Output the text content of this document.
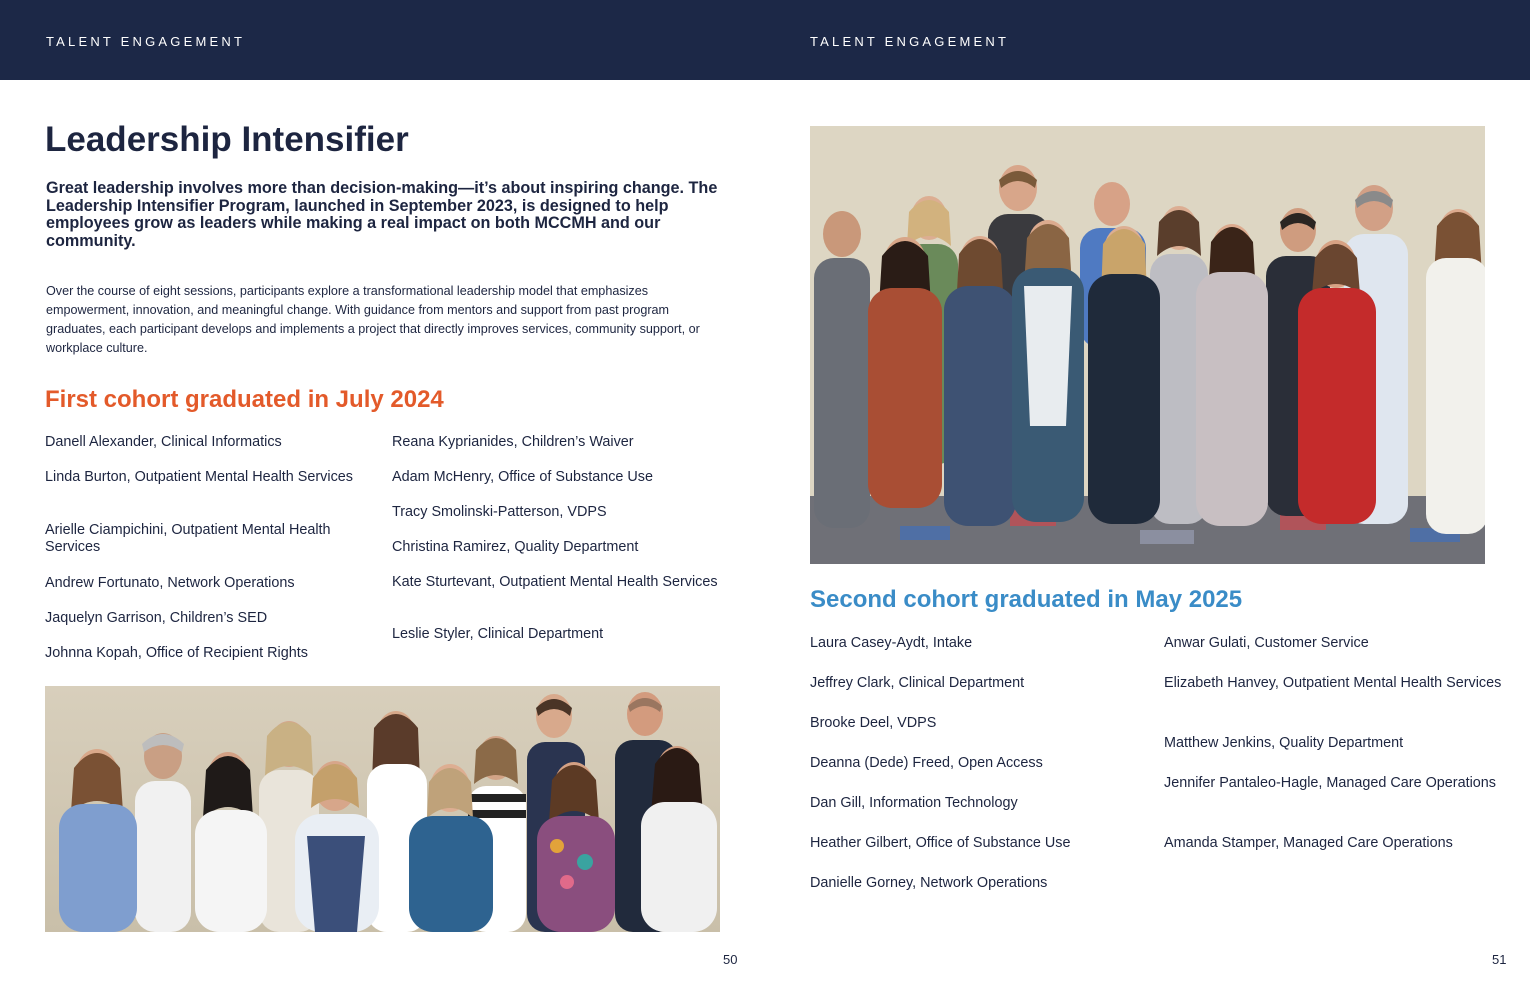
TALENT ENGAGEMENT	TALENT ENGAGEMENT
Leadership Intensifier

Great leadership involves more than decision-making—it’s about inspiring change. The Leadership Intensifier Program, launched in September 2023, is designed to help employees grow as leaders while making a real impact on both MCCMH and our community.

Over the course of eight sessions, participants explore a transformational leadership model that emphasizes empowerment, innovation, and meaningful change. With guidance from mentors and support from past program graduates, each participant develops and implements a project that directly improves services, community support, or workplace culture.

First cohort graduated in July 2024
Danell Alexander, Clinical Informatics
Linda Burton, Outpatient Mental Health Services
Arielle Ciampichini, Outpatient Mental Health Services
Andrew Fortunato, Network Operations
Jaquelyn Garrison, Children’s SED
Johnna Kopah, Office of Recipient Rights
Reana Kyprianides, Children’s Waiver
Adam McHenry, Office of Substance Use
Tracy Smolinski-Patterson, VDPS
Christina Ramirez, Quality Department
Kate Sturtevant, Outpatient Mental Health Services
Leslie Styler, Clinical Department
50
Second cohort graduated in May 2025
Laura Casey-Aydt, Intake
Jeffrey Clark, Clinical Department
Brooke Deel, VDPS
Deanna (Dede) Freed, Open Access
Dan Gill, Information Technology
Heather Gilbert, Office of Substance Use
Danielle Gorney, Network Operations
Anwar Gulati, Customer Service
Elizabeth Hanvey, Outpatient Mental Health Services
Matthew Jenkins, Quality Department
Jennifer Pantaleo-Hagle, Managed Care Operations
Amanda Stamper, Managed Care Operations
51
